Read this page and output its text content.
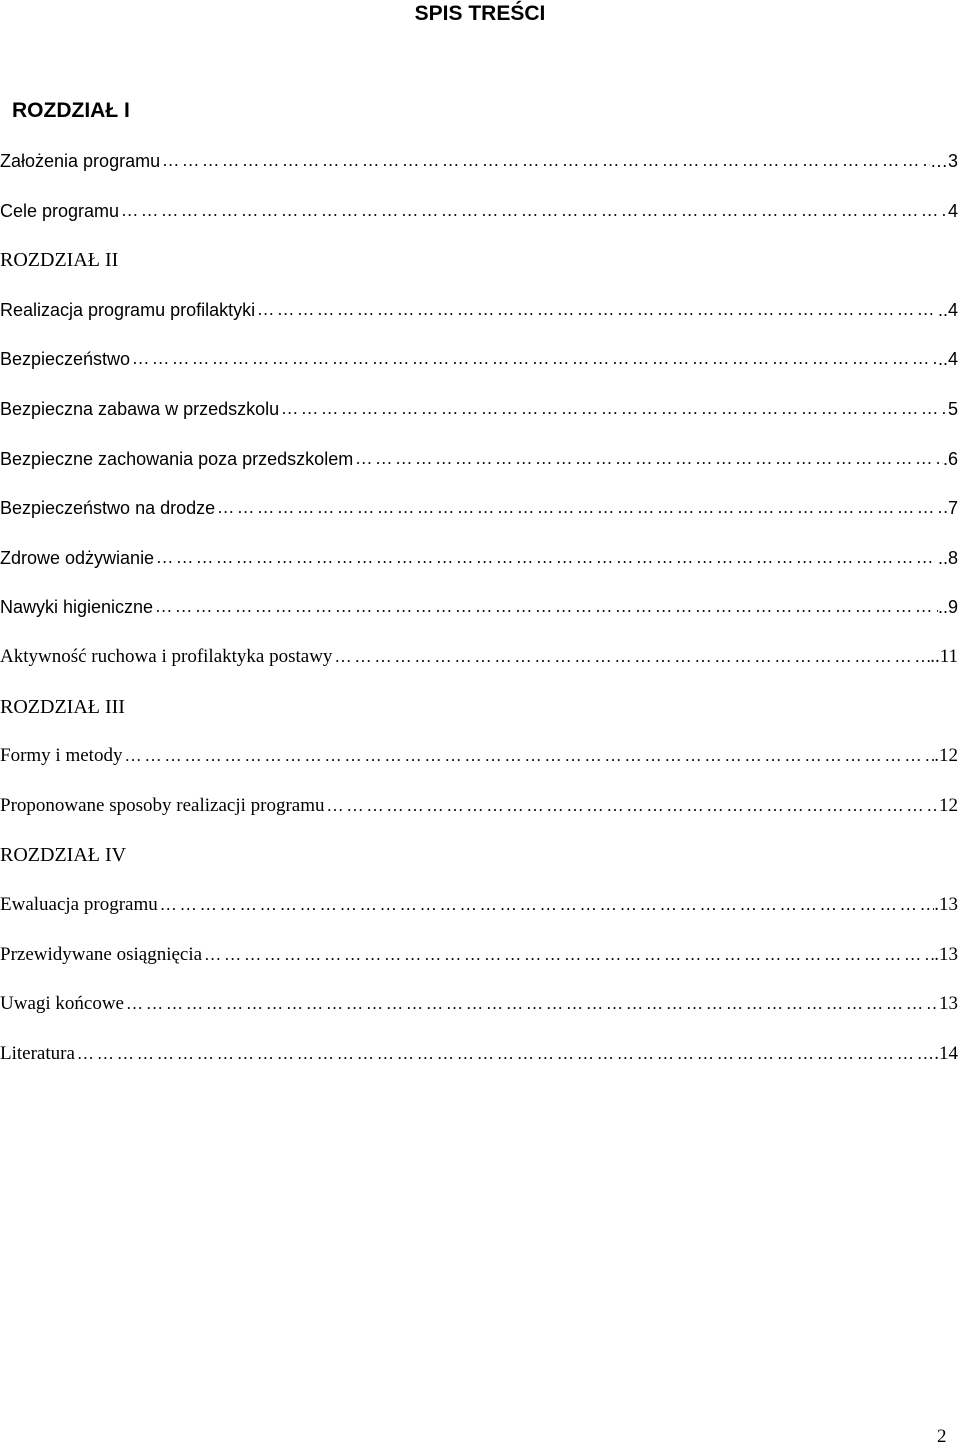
SPIS TREŚCI
ROZDZIAŁ I
Założenia programu ………………………………………………………………………………………………………………………………………………………………	…3
Cele programu ………………………………………………………………………………………………………………………………………………………………	4
ROZDZIAŁ II
Realizacja programu profilaktyki ………………………………………………………………………………………………………………………………………………………………	..4
Bezpieczeństwo ………………………………………………………………………………………………………………………………………………………………	..4
Bezpieczna zabawa w przedszkolu ………………………………………………………………………………………………………………………………………………………………	5
Bezpieczne zachowania poza przedszkolem ………………………………………………………………………………………………………………………………………………………………	.6
Bezpieczeństwo na drodze ………………………………………………………………………………………………………………………………………………………………	7
Zdrowe odżywianie ………………………………………………………………………………………………………………………………………………………………	..8
Nawyki higieniczne ………………………………………………………………………………………………………………………………………………………………	..9
Aktywność ruchowa i profilaktyka postawy ………………………………………………………………………………………………………………………………………………………………	..11
ROZDZIAŁ III
Formy i metody ………………………………………………………………………………………………………………………………………………………………	.12
Proponowane sposoby realizacji programu ………………………………………………………………………………………………………………………………………………………………	12
ROZDZIAŁ IV
Ewaluacja programu ………………………………………………………………………………………………………………………………………………………………	.13
Przewidywane osiągnięcia ………………………………………………………………………………………………………………………………………………………………	.13
Uwagi końcowe ………………………………………………………………………………………………………………………………………………………………	13
Literatura ………………………………………………………………………………………………………………………………………………………………	.14
2
